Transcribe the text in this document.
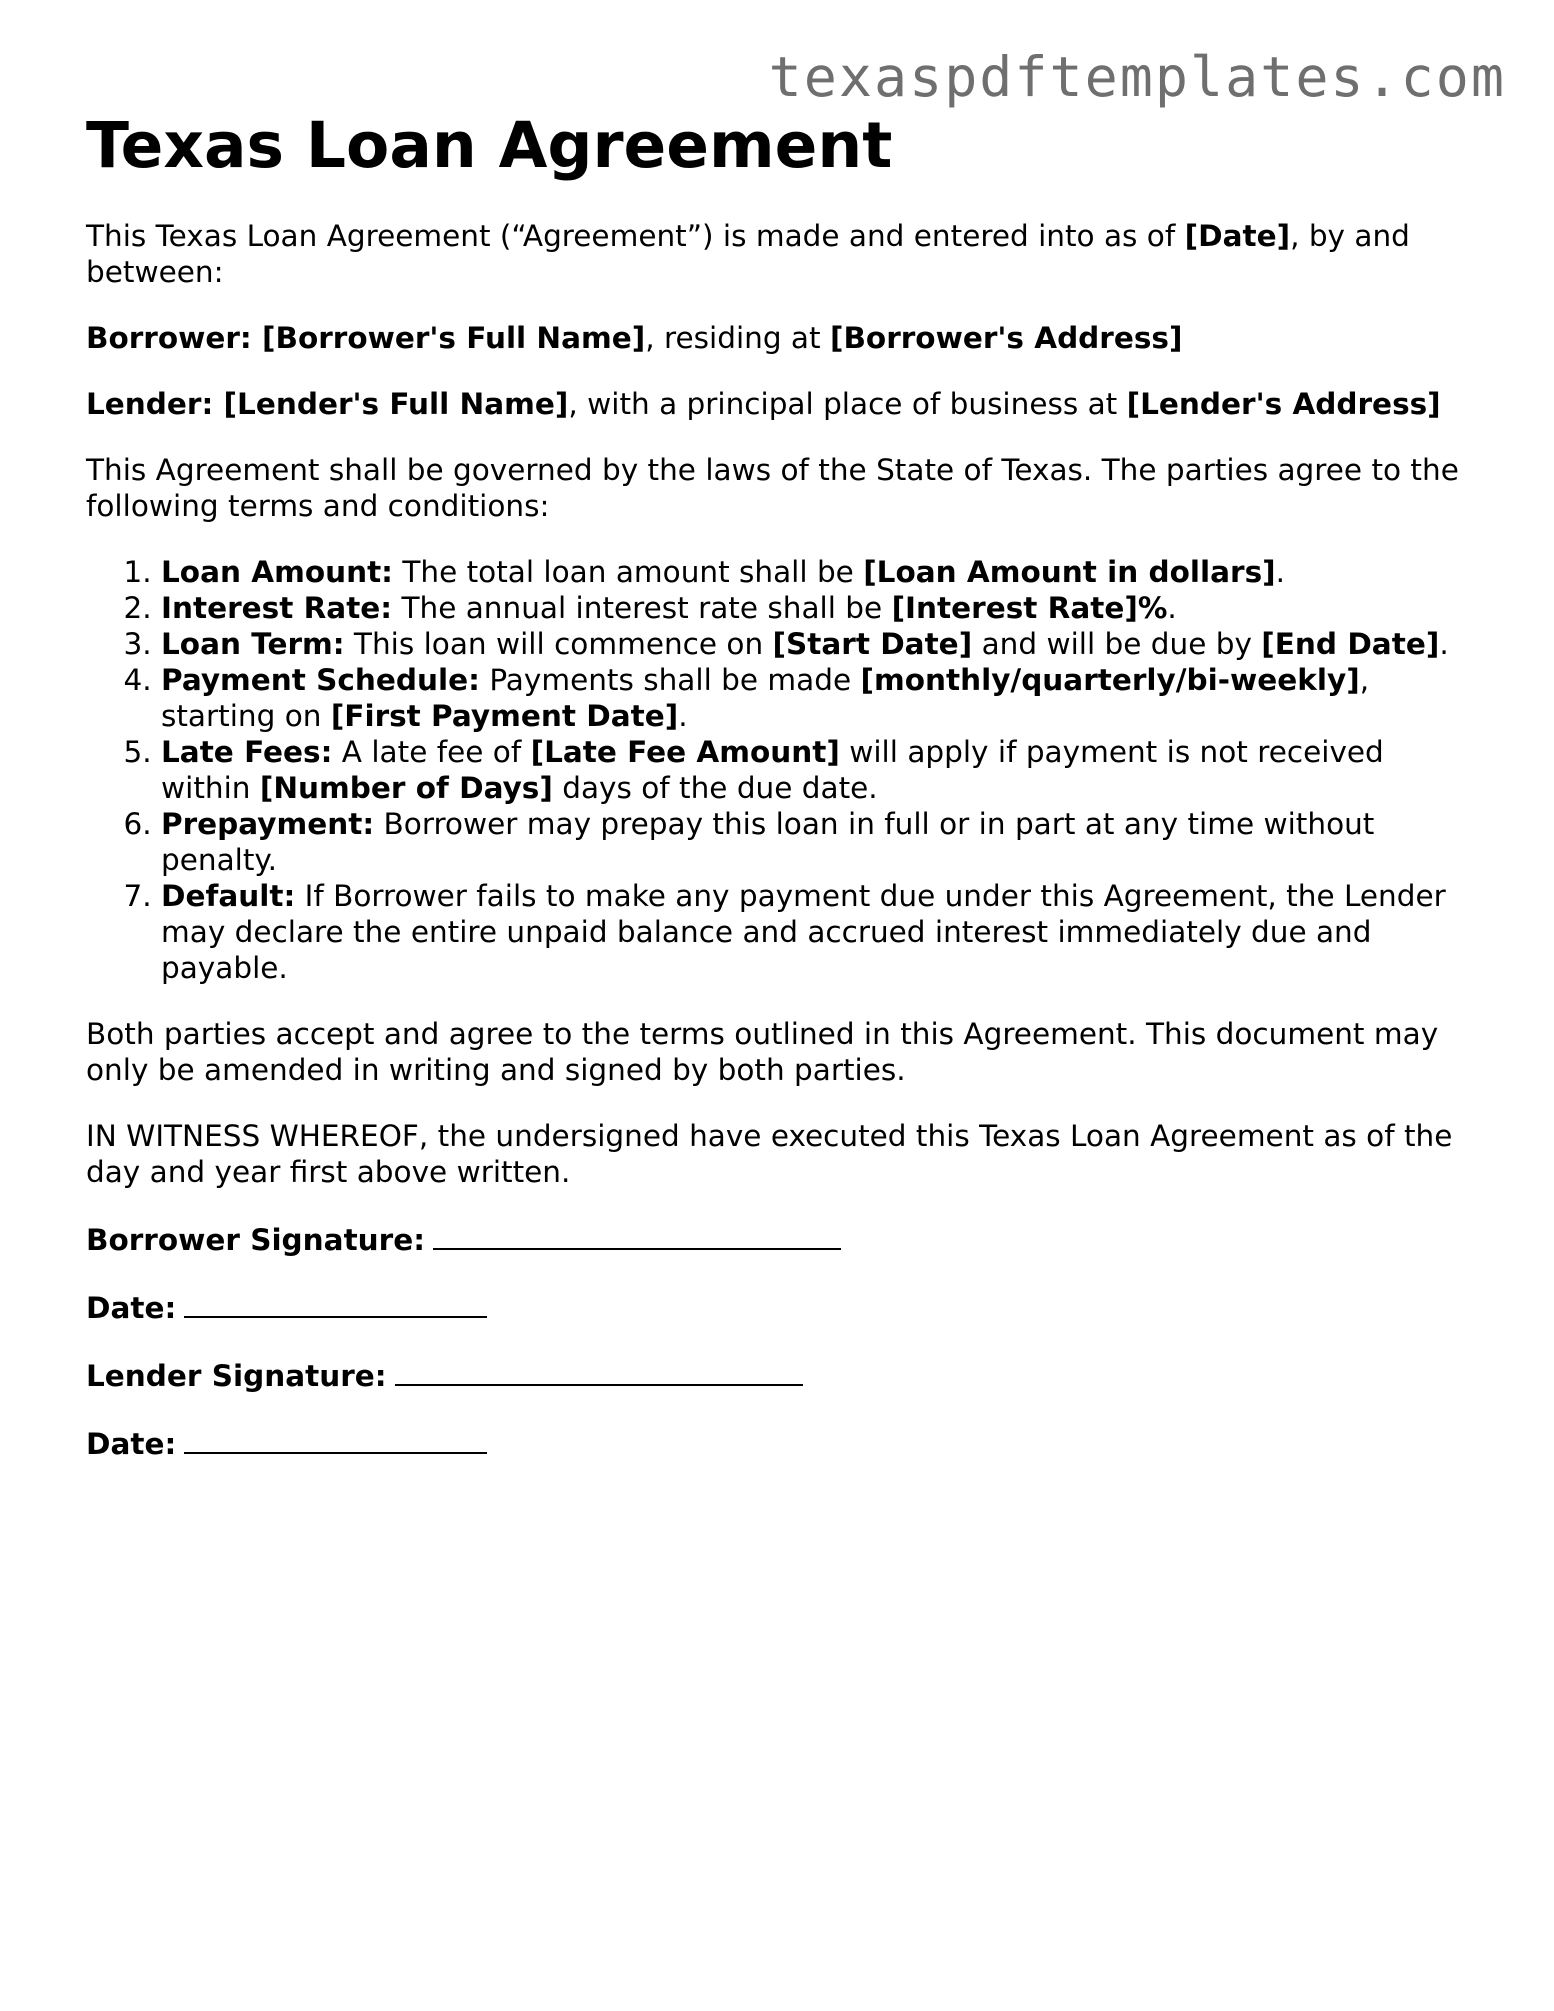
texaspdftemplates.com
Texas Loan Agreement

This Texas Loan Agreement (“Agreement”) is made and entered into as of [Date], by and between:

Borrower: [Borrower's Full Name], residing at [Borrower's Address]

Lender: [Lender's Full Name], with a principal place of business at [Lender's Address]

This Agreement shall be governed by the laws of the State of Texas. The parties agree to the following terms and conditions:

1. Loan Amount: The total loan amount shall be [Loan Amount in dollars].
2. Interest Rate: The annual interest rate shall be [Interest Rate]%.
3. Loan Term: This loan will commence on [Start Date] and will be due by [End Date].
4. Payment Schedule: Payments shall be made [monthly/quarterly/bi-weekly], starting on [First Payment Date].
5. Late Fees: A late fee of [Late Fee Amount] will apply if payment is not received within [Number of Days] days of the due date.
6. Prepayment: Borrower may prepay this loan in full or in part at any time without penalty.
7. Default: If Borrower fails to make any payment due under this Agreement, the Lender may declare the entire unpaid balance and accrued interest immediately due and payable.

Both parties accept and agree to the terms outlined in this Agreement. This document may only be amended in writing and signed by both parties.

IN WITNESS WHEREOF, the undersigned have executed this Texas Loan Agreement as of the day and year first above written.

Borrower Signature:

Date:

Lender Signature:

Date:
